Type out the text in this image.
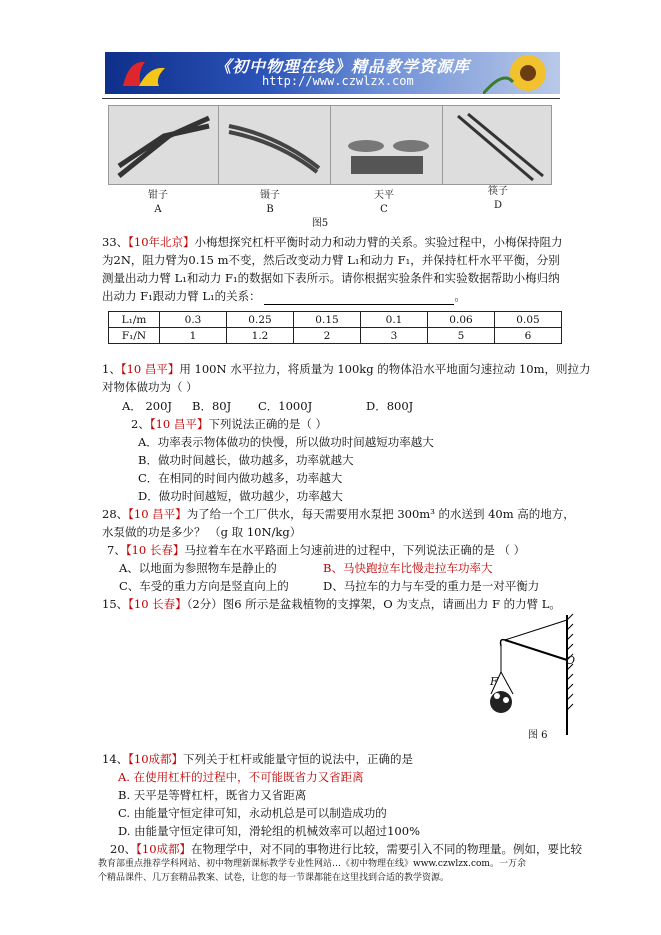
《初中物理在线》精品教学资源库
http://www.czwlzx.com
钳子
A
镊子
B
天平
C
筷子
D
图5
33、【10年北京】小梅想探究杠杆平衡时动力和动力臂的关系。实验过程中，小梅保持阻力
为2N，阻力臂为0.15 m不变，然后改变动力臂 L₁和动力 F₁，并保持杠杆水平平衡，分别
测量出动力臂 L₁和动力 F₁的数据如下表所示。请你根据实验条件和实验数据帮助小梅归纳
出动力 F₁跟动力臂 L₁的关系：	。
L₁/m	0.3	0.25	0.15	0.1	0.06	0.05
F₁/N	1	1.2	2	3	5	6
1、【10 昌平】用 100N 水平拉力，将质量为 100kg 的物体沿水平地面匀速拉动 10m，则拉力
对物体做功为（ ）
A． 200J B．80J C．1000J	D．800J
2、【10 昌平】下列说法正确的是（ ）
A．功率表示物体做功的快慢，所以做功时间越短功率越大
B．做功时间越长，做功越多，功率就越大
C．在相同的时间内做功越多，功率越大
D．做功时间越短，做功越少，功率越大
28、【10 昌平】为了给一个工厂供水，每天需要用水泵把 300m³ 的水送到 40m 高的地方，
水泵做的功是多少？ （g 取 10N/kg）
7、【10 长春】马拉着车在水平路面上匀速前进的过程中，下列说法正确的是 （ ）
A、以地面为参照物车是静止的	B、马快跑拉车比慢走拉车功率大
C、车受的重力方向是竖直向上的	D、马拉车的力与车受的重力是一对平衡力
15、【10 长春】（2分）图6 所示是盆栽植物的支撑架，O 为支点，请画出力 F 的力臂 L。
O
F
图 6
14、【10成都】下列关于杠杆或能量守恒的说法中，正确的是
A. 在使用杠杆的过程中，不可能既省力又省距离
B. 天平是等臂杠杆，既省力又省距离
C. 由能量守恒定律可知，永动机总是可以制造成功的
D. 由能量守恒定律可知，滑轮组的机械效率可以超过100%
20、【10成都】在物理学中，对不同的事物进行比较，需要引入不同的物理量。例如，要比较
教育部重点推荐学科网站、初中物理新课标教学专业性网站…《初中物理在线》www.czwlzx.com。一万余
个精品课件、几万套精品教案、试卷，让您的每一节课都能在这里找到合适的教学资源。
